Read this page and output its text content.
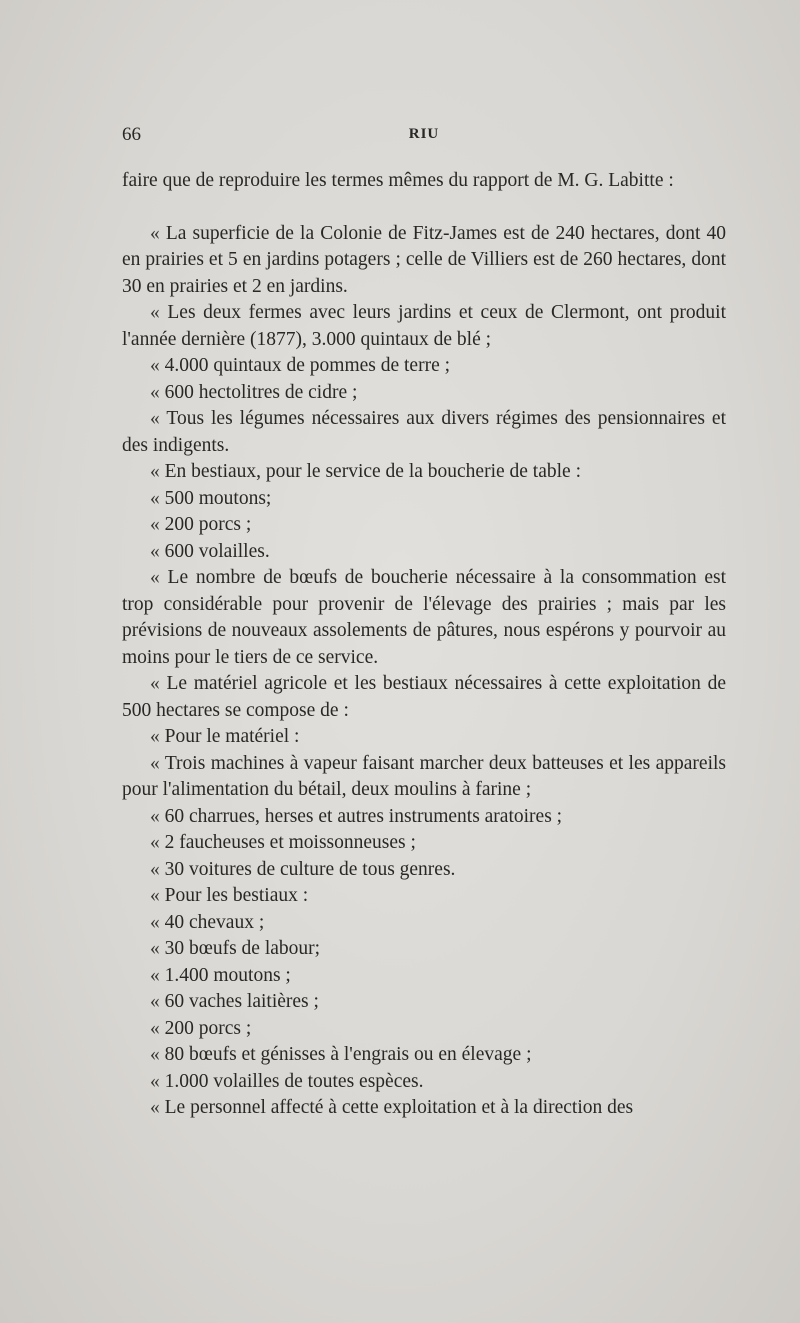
66	RIU

faire que de reproduire les termes mêmes du rapport de M. G. Labitte :

« La superficie de la Colonie de Fitz-James est de 240 hectares, dont 40 en prairies et 5 en jardins potagers ; celle de Villiers est de 260 hectares, dont 30 en prairies et 2 en jardins.

« Les deux fermes avec leurs jardins et ceux de Clermont, ont produit l'année dernière (1877), 3.000 quintaux de blé ;

« 4.000 quintaux de pommes de terre ;

« 600 hectolitres de cidre ;

« Tous les légumes nécessaires aux divers régimes des pensionnaires et des indigents.

« En bestiaux, pour le service de la boucherie de table :

« 500 moutons;

« 200 porcs ;

« 600 volailles.

« Le nombre de bœufs de boucherie nécessaire à la consommation est trop considérable pour provenir de l'élevage des prairies ; mais par les prévisions de nouveaux assolements de pâtures, nous espérons y pourvoir au moins pour le tiers de ce service.

« Le matériel agricole et les bestiaux nécessaires à cette exploitation de 500 hectares se compose de :

« Pour le matériel :

« Trois machines à vapeur faisant marcher deux batteuses et les appareils pour l'alimentation du bétail, deux moulins à farine ;

« 60 charrues, herses et autres instruments aratoires ;

« 2 faucheuses et moissonneuses ;

« 30 voitures de culture de tous genres.

« Pour les bestiaux :

« 40 chevaux ;

« 30 bœufs de labour;

« 1.400 moutons ;

« 60 vaches laitières ;

« 200 porcs ;

« 80 bœufs et génisses à l'engrais ou en élevage ;

« 1.000 volailles de toutes espèces.

« Le personnel affecté à cette exploitation et à la direction des
